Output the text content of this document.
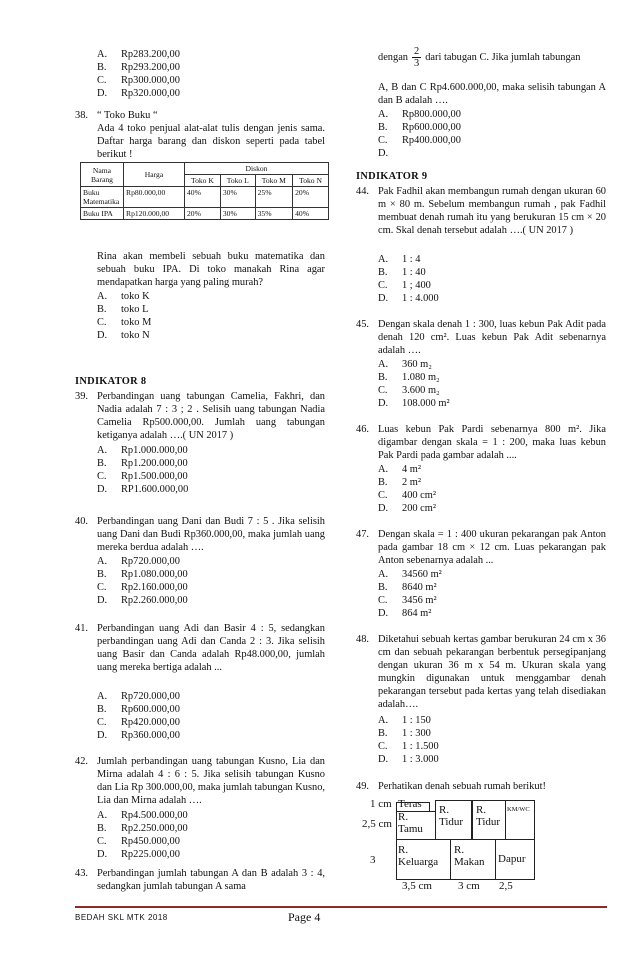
A. Rp283.200,00
B. Rp293.200,00
C. Rp300.000,00
D. Rp320.000,00
38. “ Toko Buku “
Ada 4 toko penjual alat-alat tulis dengan jenis sama. Daftar harga barang dan diskon seperti pada tabel berikut !
Nama Barang	Harga	Diskon			
		Toko K	Toko L	Toko M	Toko N
Buku Matematika	Rp80.000,00	40%	30%	25%	20%
Buku IPA	Rp120.000,00	20%	30%	35%	40%
Rina akan membeli sebuah buku matematika dan sebuah buku IPA. Di toko manakah Rina agar mendapatkan harga yang paling murah?
A. toko K
B. toko L
C. toko M
D. toko N
INDIKATOR 8
39. Perbandingan uang tabungan Camelia, Fakhri, dan Nadia adalah 7 : 3 ; 2 . Selisih uang tabungan Nadia Camelia Rp500.000,00. Jumlah uang tabungan ketiganya adalah ….( UN 2017 )
A. Rp1.000.000,00
B. Rp1.200.000,00
C. Rp1.500.000,00
D. RP1.600.000,00
40. Perbandingan uang Dani dan Budi 7 : 5 . Jika selisih uang Dani dan Budi Rp360.000,00, maka jumlah uang mereka berdua adalah ….
A. Rp720.000,00
B. Rp1.080.000,00
C. Rp2.160.000,00
D. Rp2.260.000,00
41. Perbandingan uang Adi dan Basir 4 : 5, sedangkan perbandingan uang Adi dan Canda 2 : 3. Jika selisih uang Basir dan Canda adalah Rp48.000,00, jumlah uang mereka bertiga adalah ...
A. Rp720.000,00
B. Rp600.000,00
C. Rp420.000,00
D. Rp360.000,00
42. Jumlah perbandingan uang tabungan Kusno, Lia dan Mirna adalah 4 : 6 : 5. Jika selisih tabungan Kusno dan Lia Rp 300.000,00, maka jumlah tabungan Kusno, Lia dan Mirna adalah ….
A. Rp4.500.000,00
B. Rp2.250.000,00
C. Rp450.000,00
D. Rp225.000,00
43. Perbandingan jumlah tabungan A dan B adalah 3 : 4, sedangkan jumlah tabungan A sama
dengan $\frac{2}{3}$ dari tabugan C. Jika jumlah tabungan
A, B dan C Rp4.600.000,00, maka selisih tabungan A dan B adalah ….
A. Rp800.000,00
B. Rp600.000,00
C. Rp400.000,00
D.
INDIKATOR 9
44. Pak Fadhil akan membangun rumah dengan ukuran 60 m × 80 m. Sebelum membangun rumah , pak Fadhil membuat denah rumah itu yang berukuran 15 cm × 20 cm. Skal denah tersebut adalah ….( UN 2017 )
A. 1 : 4
B. 1 : 40
C. 1 ; 400
D. 1 : 4.000
45. Dengan skala denah 1 : 300, luas kebun Pak Adit pada denah 120 cm². Luas kebun Pak Adit sebenarnya adalah ….
A. 360 m₂
B. 1.080 m₂
C. 3.600 m₂
D. 108.000 m²
46. Luas kebun Pak Pardi sebenarnya 800 m². Jika digambar dengan skala = 1 : 200, maka luas kebun Pak Pardi pada gambar adalah ....
A. 4 m²
B. 2 m²
C. 400 cm²
D. 200 cm²
47. Dengan skala = 1 : 400 ukuran pekarangan pak Anton pada gambar 18 cm × 12 cm. Luas pekarangan pak Anton sebenarnya adalah ...
A. 34560 m²
B. 8640 m²
C. 3456 m²
D. 864 m²
48. Diketahui sebuah kertas gambar berukuran 24 cm x 36 cm dan sebuah pekarangan berbentuk persegipanjang dengan ukuran 36 m x 54 m. Ukuran skala yang mungkin digunakan untuk menggambar denah pekarangan tersebut pada kertas yang telah disediakan adalah….
A. 1 : 150
B. 1 : 300
C. 1 : 1.500
D. 1 : 3.000
49. Perhatikan denah sebuah rumah berikut!
1 cm
2,5 cm
3
Teras
R. Tamu
R. Tidur
R. Tidur
KM/WC
R. Keluarga
R. Makan	Dapur
3,5 cm 3 cm 2,5
BEDAH SKL MTK 2018	Page 4
